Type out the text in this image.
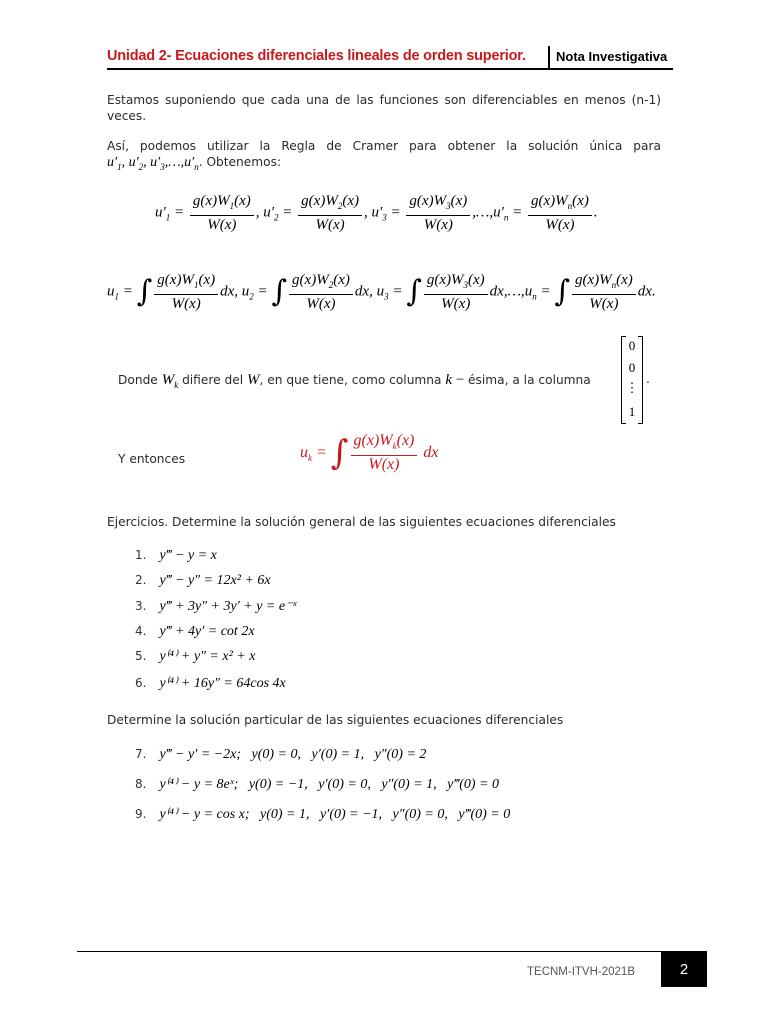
Unidad 2- Ecuaciones diferenciales lineales de orden superior. Nota Investigativa
Estamos suponiendo que cada una de las funciones son diferenciables en menos (n-1) veces.
Así, podemos utilizar la Regla de Cramer para obtener la solución única para
$u'_1$, $u'_2$, $u'_3,\dots,u'_n$. Obtenemos:
$u'_1 = \frac{g(x)W_1(x)}{W(x)}$ , $u'_2 = \frac{g(x)W_2(x)}{W(x)}$ , $u'_3 = \frac{g(x)W_3(x)}{W(x)}$ $,\dots,u'_n = \frac{g(x)W_n(x)}{W(x)}$ .
$u_1$ = ∫ $\frac{g(x)W_1(x)}{W(x)}$ dx, $u_2$ = ∫ $\frac{g(x)W_2(x)}{W(x)}$ dx, $u_3$ = ∫ $\frac{g(x)W_3(x)}{W(x)}$ $dx,\dots,u_n$ = ∫ $\frac{g(x)W_n(x)}{W(x)}$ dx.
Donde $W_k$ difiere del W, en que tiene, como columna k − ésima, a la columna
0
0
⋮
1
.
Y entonces	$u_k$ = ∫ $\frac{g(x)W_k(x)}{W(x)}$ dx
Ejercicios. Determine la solución general de las siguientes ecuaciones diferenciales
1. y‴ − y = x
2. y‴ − y″ = 12x² + 6x
3. y‴ + 3y″ + 3y′ + y = e⁻ˣ
4. y‴ + 4y′ = cot 2x
5. y⁽⁴⁾ + y″ = x² + x
6. y⁽⁴⁾ + 16y″ = 64cos 4x
Determine la solución particular de las siguientes ecuaciones diferenciales
7. y‴ − y′ = −2x;   y(0) = 0,   y′(0) = 1,   y″(0) = 2
8. y⁽⁴⁾ − y = 8eˣ;   y(0) = −1,   y′(0) = 0,   y″(0) = 1,   y‴(0) = 0
9. y⁽⁴⁾ − y = cos x;   y(0) = 1,   y′(0) = −1,   y″(0) = 0,   y‴(0) = 0
TECNM-ITVH-2021B	2
